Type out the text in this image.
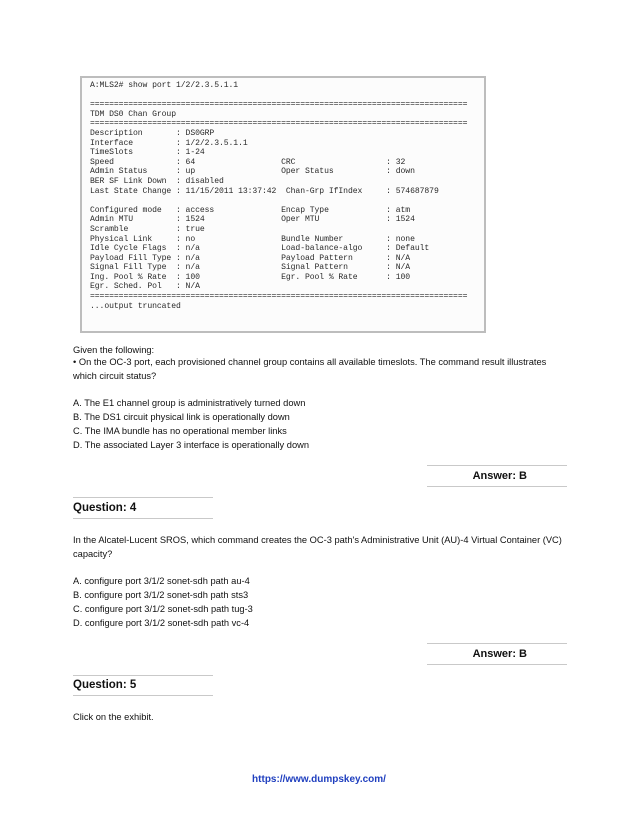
A:MLS2# show port 1/2/2.3.5.1.1

===============================================================================
TDM DS0 Chan Group
===============================================================================
Description       : DS0GRP
Interface         : 1/2/2.3.5.1.1
TimeSlots         : 1-24
Speed             : 64                  CRC                   : 32
Admin Status      : up                  Oper Status           : down
BER SF Link Down  : disabled
Last State Change : 11/15/2011 13:37:42  Chan-Grp IfIndex     : 574687879

Configured mode   : access              Encap Type            : atm
Admin MTU         : 1524                Oper MTU              : 1524
Scramble          : true
Physical Link     : no                  Bundle Number         : none
Idle Cycle Flags  : n/a                 Load-balance-algo     : Default
Payload Fill Type : n/a                 Payload Pattern       : N/A
Signal Fill Type  : n/a                 Signal Pattern        : N/A
Ing. Pool % Rate  : 100                 Egr. Pool % Rate      : 100
Egr. Sched. Pol   : N/A
===============================================================================
...output truncated
Given the following:
• On the OC-3 port, each provisioned channel group contains all available timeslots. The command result illustrates which circuit status?
A. The E1 channel group is administratively turned down
B. The DS1 circuit physical link is operationally down
C. The IMA bundle has no operational member links
D. The associated Layer 3 interface is operationally down
Answer: B
Question: 4
In the Alcatel-Lucent SROS, which command creates the OC-3 path's Administrative Unit (AU)-4 Virtual Container (VC) capacity?
A. configure port 3/1/2 sonet-sdh path au-4
B. configure port 3/1/2 sonet-sdh path sts3
C. configure port 3/1/2 sonet-sdh path tug-3
D. configure port 3/1/2 sonet-sdh path vc-4
Answer: B
Question: 5
Click on the exhibit.
https://www.dumpskey.com/
